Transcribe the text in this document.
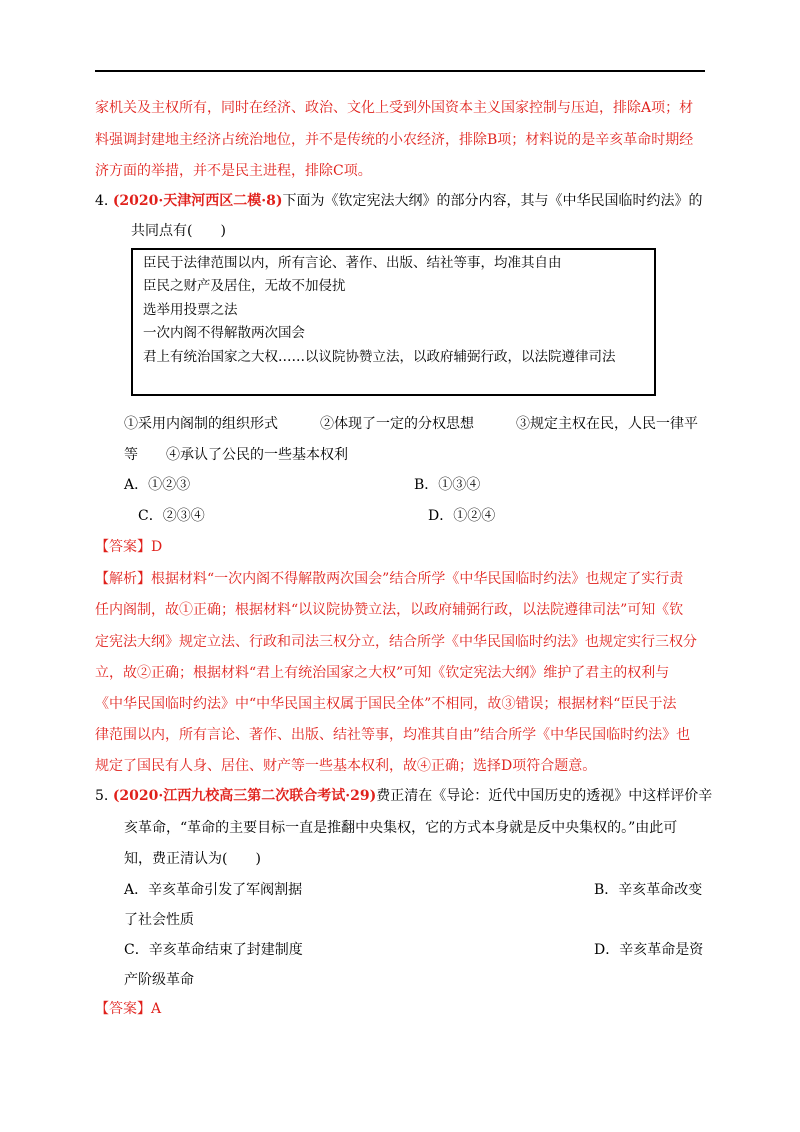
家机关及主权所有，同时在经济、政治、文化上受到外国资本主义国家控制与压迫，排除A项；材
料强调封建地主经济占统治地位，并不是传统的小农经济，排除B项；材料说的是辛亥革命时期经
济方面的举措，并不是民主进程，排除C项。
4. (2020·天津河西区二模·8)下面为《钦定宪法大纲》的部分内容，其与《中华民国临时约法》的
共同点有(　　)
臣民于法律范围以内，所有言论、著作、出版、结社等事，均准其自由
臣民之财产及居住，无故不加侵扰
选举用投票之法
一次内阁不得解散两次国会
君上有统治国家之大权……以议院协赞立法，以政府辅弼行政，以法院遵律司法
①采用内阁制的组织形式　　　②体现了一定的分权思想　　　③规定主权在民，人民一律平
等　　④承认了公民的一些基本权利
A．①②③	B．①③④
C．②③④	D．①②④
【答案】D
【解析】根据材料“一次内阁不得解散两次国会”结合所学《中华民国临时约法》也规定了实行责
任内阁制，故①正确；根据材料“以议院协赞立法，以政府辅弼行政，以法院遵律司法”可知《钦
定宪法大纲》规定立法、行政和司法三权分立，结合所学《中华民国临时约法》也规定实行三权分
立，故②正确；根据材料“君上有统治国家之大权”可知《钦定宪法大纲》维护了君主的权利与
《中华民国临时约法》中“中华民国主权属于国民全体”不相同，故③错误；根据材料“臣民于法
律范围以内，所有言论、著作、出版、结社等事，均准其自由”结合所学《中华民国临时约法》也
规定了国民有人身、居住、财产等一些基本权利，故④正确；选择D项符合题意。
5. (2020·江西九校高三第二次联合考试·29)费正清在《导论：近代中国历史的透视》中这样评价辛
亥革命，“革命的主要目标一直是推翻中央集权，它的方式本身就是反中央集权的。”由此可
知，费正清认为(　　)
A．辛亥革命引发了军阀割据	B．辛亥革命改变
了社会性质
C．辛亥革命结束了封建制度	D．辛亥革命是资
产阶级革命
【答案】A
